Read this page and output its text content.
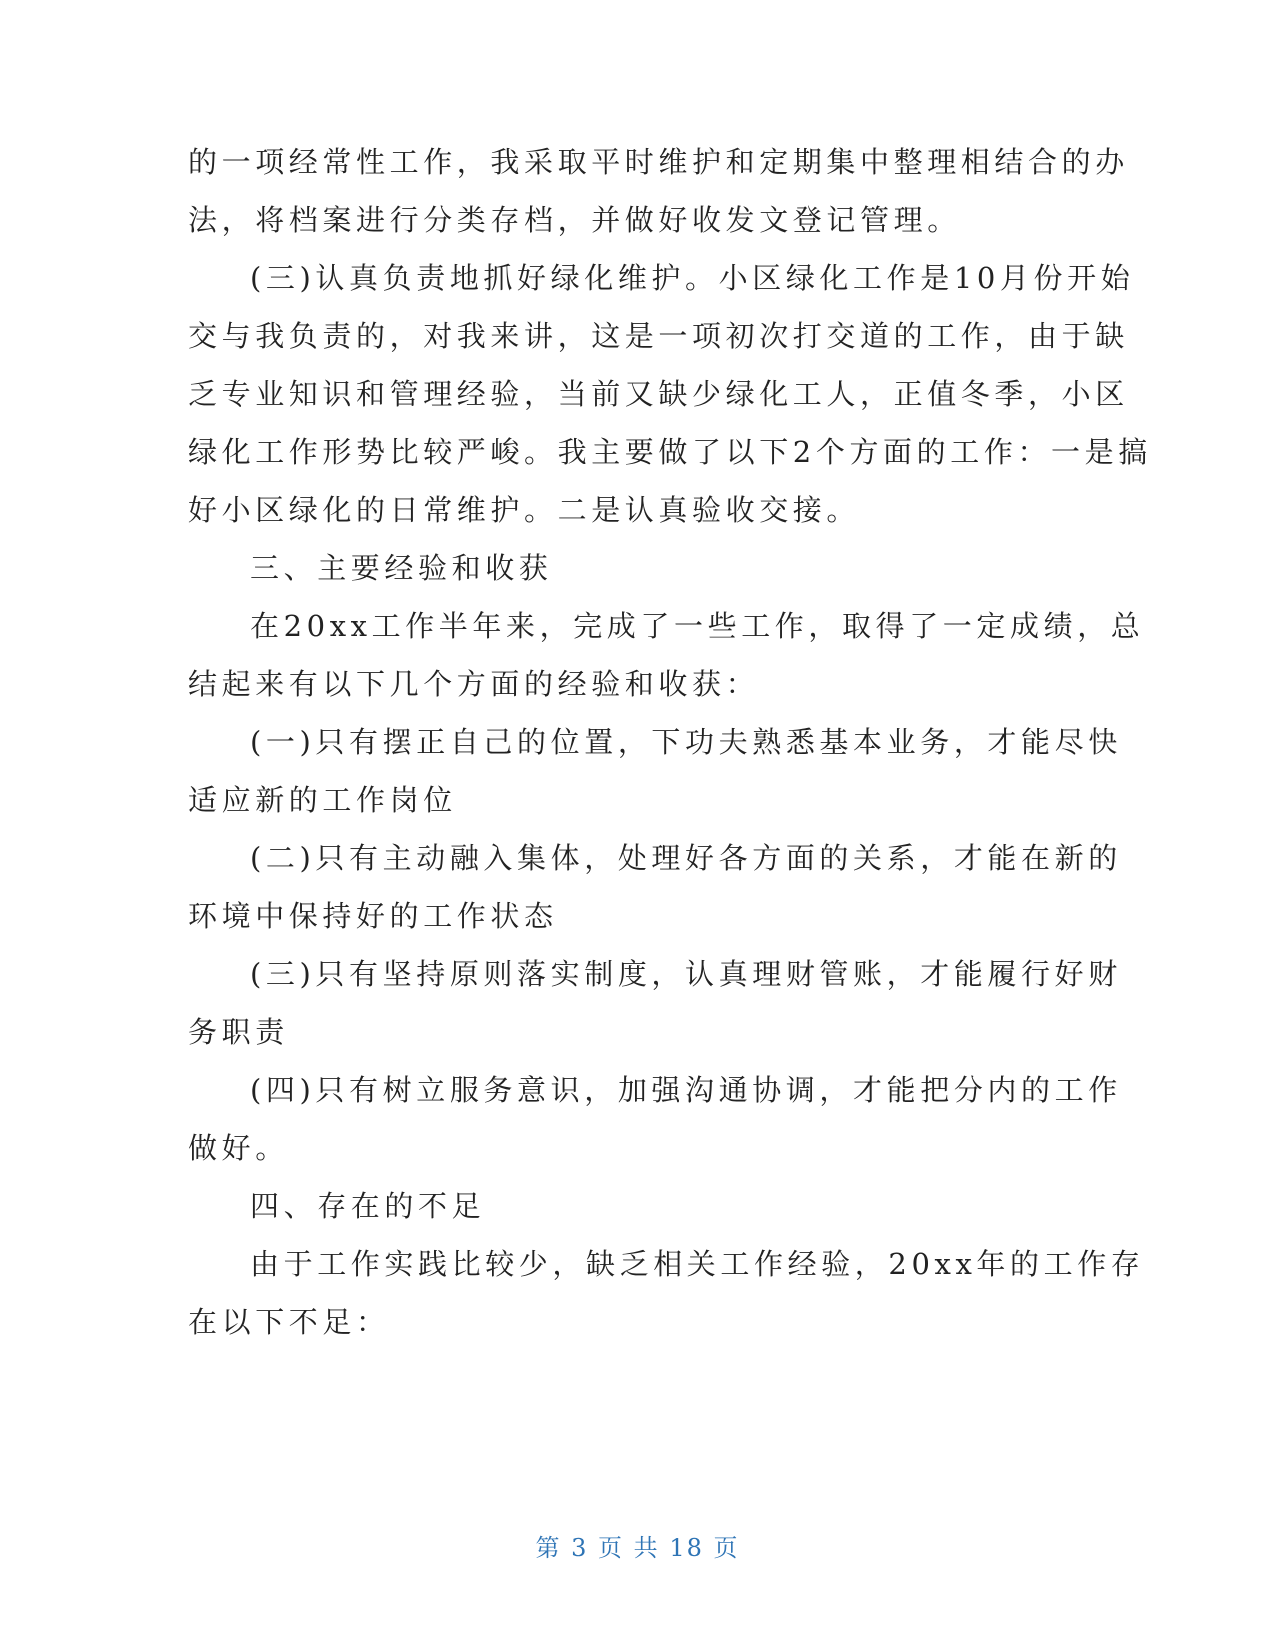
的一项经常性工作，我采取平时维护和定期集中整理相结合的办
法，将档案进行分类存档，并做好收发文登记管理。
(三)认真负责地抓好绿化维护。小区绿化工作是10月份开始
交与我负责的，对我来讲，这是一项初次打交道的工作，由于缺
乏专业知识和管理经验，当前又缺少绿化工人，正值冬季，小区
绿化工作形势比较严峻。我主要做了以下2个方面的工作：一是搞
好小区绿化的日常维护。二是认真验收交接。
三、主要经验和收获
在20xx工作半年来，完成了一些工作，取得了一定成绩，总
结起来有以下几个方面的经验和收获：
(一)只有摆正自己的位置，下功夫熟悉基本业务，才能尽快
适应新的工作岗位
(二)只有主动融入集体，处理好各方面的关系，才能在新的
环境中保持好的工作状态
(三)只有坚持原则落实制度，认真理财管账，才能履行好财
务职责
(四)只有树立服务意识，加强沟通协调，才能把分内的工作
做好。
四、存在的不足
由于工作实践比较少，缺乏相关工作经验，20xx年的工作存
在以下不足：
第 3 页 共 18 页
